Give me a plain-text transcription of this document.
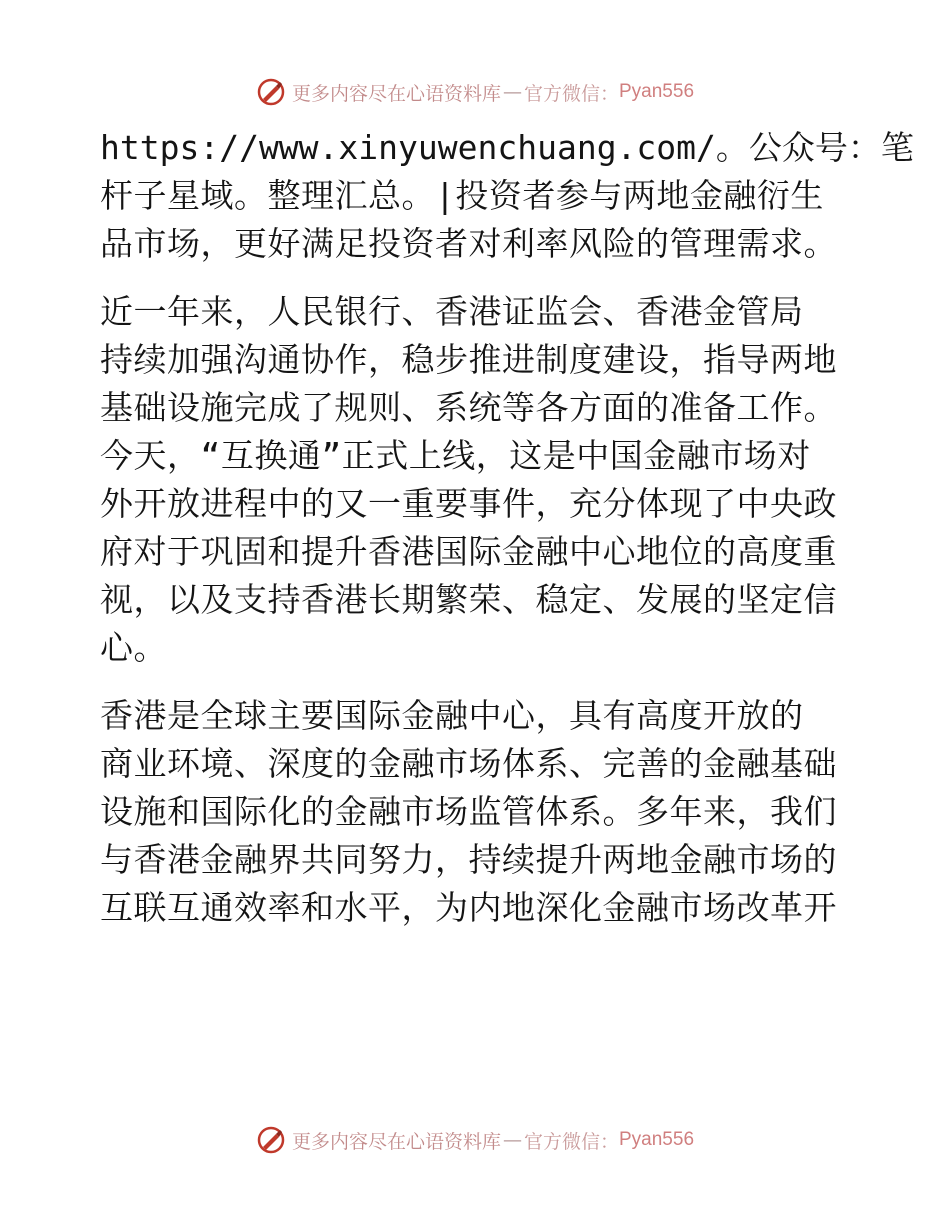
更多内容尽在心语资料库 — 官方微信： Pyan556
https://www.xinyuwenchuang.com/。公众号：笔
杆子星域。整理汇总。|投资者参与两地金融衍生
品市场，更好满足投资者对利率风险的管理需求。
近一年来，人民银行、香港证监会、香港金管局
持续加强沟通协作，稳步推进制度建设，指导两地
基础设施完成了规则、系统等各方面的准备工作。
今天，“互换通”正式上线，这是中国金融市场对
外开放进程中的又一重要事件，充分体现了中央政
府对于巩固和提升香港国际金融中心地位的高度重
视，以及支持香港长期繁荣、稳定、发展的坚定信
心。
香港是全球主要国际金融中心，具有高度开放的
商业环境、深度的金融市场体系、完善的金融基础
设施和国际化的金融市场监管体系。多年来，我们
与香港金融界共同努力，持续提升两地金融市场的
互联互通效率和水平，为内地深化金融市场改革开
更多内容尽在心语资料库 — 官方微信： Pyan556
